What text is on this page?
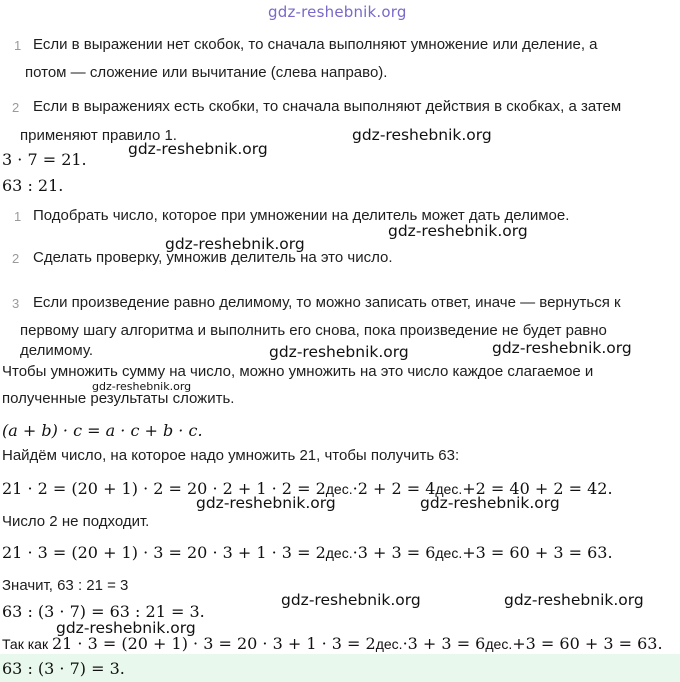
gdz-reshebnik.org
1 Если в выражении нет скобок, то сначала выполняют умножение или деление, а
потом — сложение или вычитание (слева направо).
2 Если в выражениях есть скобки, то сначала выполняют действия в скобках, а затем
применяют правило 1.	gdz-reshebnik.org
gdz-reshebnik.org
3 · 7 = 21.
63 : 21.
1 Подобрать число, которое при умножении на делитель может дать делимое.
gdz-reshebnik.org
gdz-reshebnik.org
2 Сделать проверку, умножив делитель на это число.
3 Если произведение равно делимому, то можно записать ответ, иначе — вернуться к
первому шагу алгоритма и выполнить его снова, пока произведение не будет равно
делимому.	gdz-reshebnik.org
gdz-reshebnik.org
Чтобы умножить сумму на число, можно умножить на это число каждое слагаемое и
gdz-reshebnik.org
полученные результаты сложить.
(a + b) · c = a · c + b · c.
Найдём число, на которое надо умножить 21, чтобы получить 63:
21 · 2 = (20 + 1) · 2 = 20 · 2 + 1 · 2 = 2дес.·2 + 2 = 4дес.+2 = 40 + 2 = 42.
gdz-reshebnik.org	gdz-reshebnik.org
Число 2 не подходит.
21 · 3 = (20 + 1) · 3 = 20 · 3 + 1 · 3 = 2дес.·3 + 3 = 6дес.+3 = 60 + 3 = 63.
Значит, 63 : 21 = 3
gdz-reshebnik.org	gdz-reshebnik.org
63 : (3 · 7) = 63 : 21 = 3.
gdz-reshebnik.org
Так как 21 · 3 = (20 + 1) · 3 = 20 · 3 + 1 · 3 = 2дес.·3 + 3 = 6дес.+3 = 60 + 3 = 63.
63 : (3 · 7) = 3.
